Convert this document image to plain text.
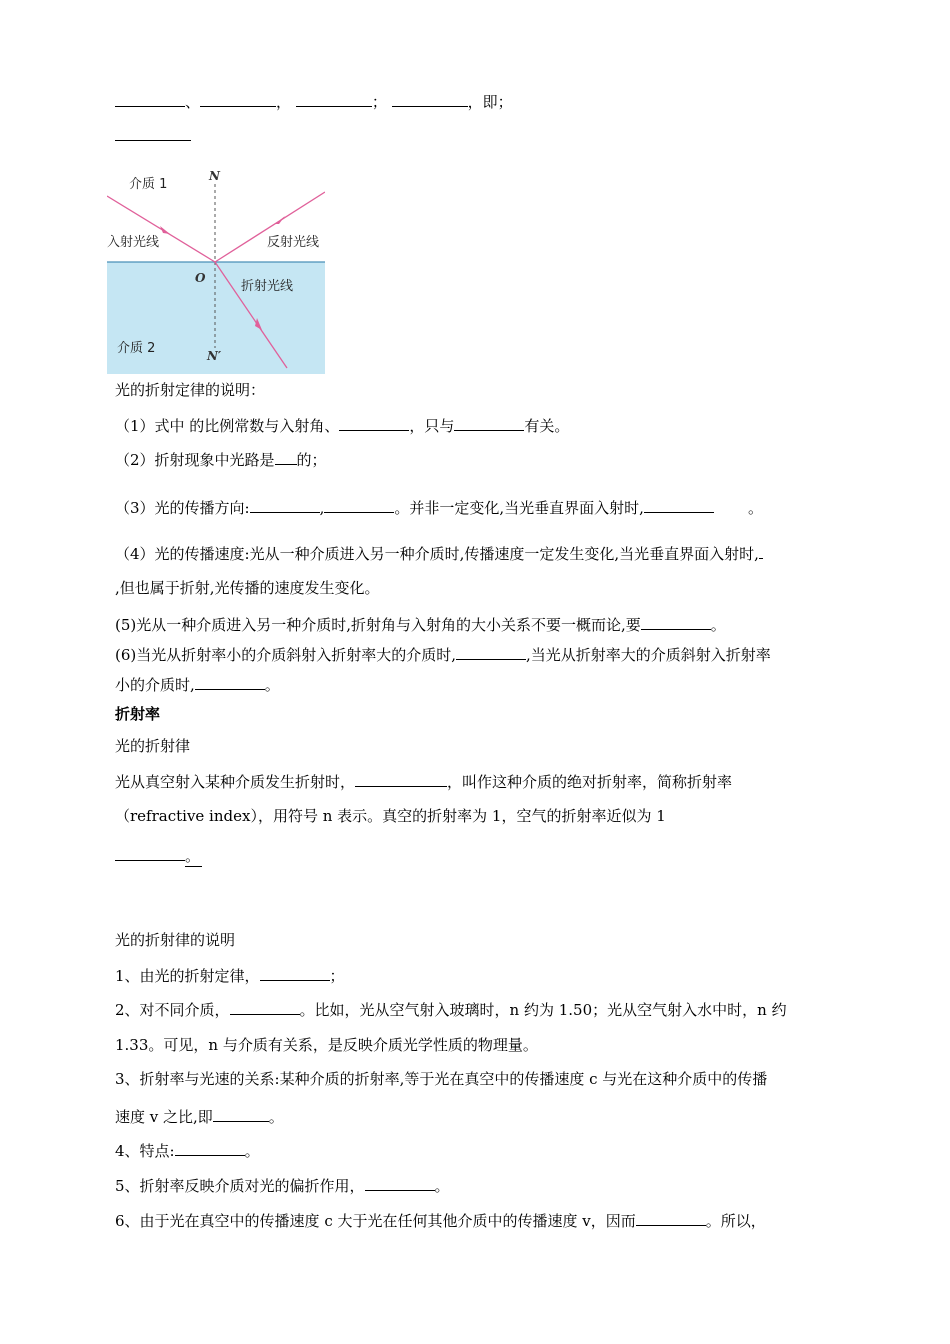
、	，	；	，即；
介质 1
N
入射光线	反射光线
O
折射光线
介质 2	N′
光的折射定律的说明：
（1）式中 的比例常数与入射角、	，只与	有关。
（2）折射现象中光路是 的；
（3）光的传播方向:	,	。并非一定变化,当光垂直界面入射时,	。
（4）光的传播速度:光从一种介质进入另一种介质时,传播速度一定发生变化,当光垂直界面入射时,
,但也属于折射,光传播的速度发生变化。
(5)光从一种介质进入另一种介质时,折射角与入射角的大小关系不要一概而论,要	。
(6)当光从折射率小的介质斜射入折射率大的介质时,	,当光从折射率大的介质斜射入折射率
小的介质时,	。
折射率
光的折射律
光从真空射入某种介质发生折射时，	，叫作这种介质的绝对折射率，简称折射率
（refractive index），用符号 n 表示。真空的折射率为 1，空气的折射率近似为 1
。
光的折射律的说明
1、由光的折射定律，	；
2、对不同介质，	。比如，光从空气射入玻璃时，n 约为 1.50；光从空气射入水中时，n 约
1.33。可见，n 与介质有关系，是反映介质光学性质的物理量。
3、折射率与光速的关系:某种介质的折射率,等于光在真空中的传播速度 c 与光在这种介质中的传播
速度 v 之比,即	。
4、特点:	。
5、折射率反映介质对光的偏折作用，	。
6、由于光在真空中的传播速度 c 大于光在任何其他介质中的传播速度 v，因而	。所以，
